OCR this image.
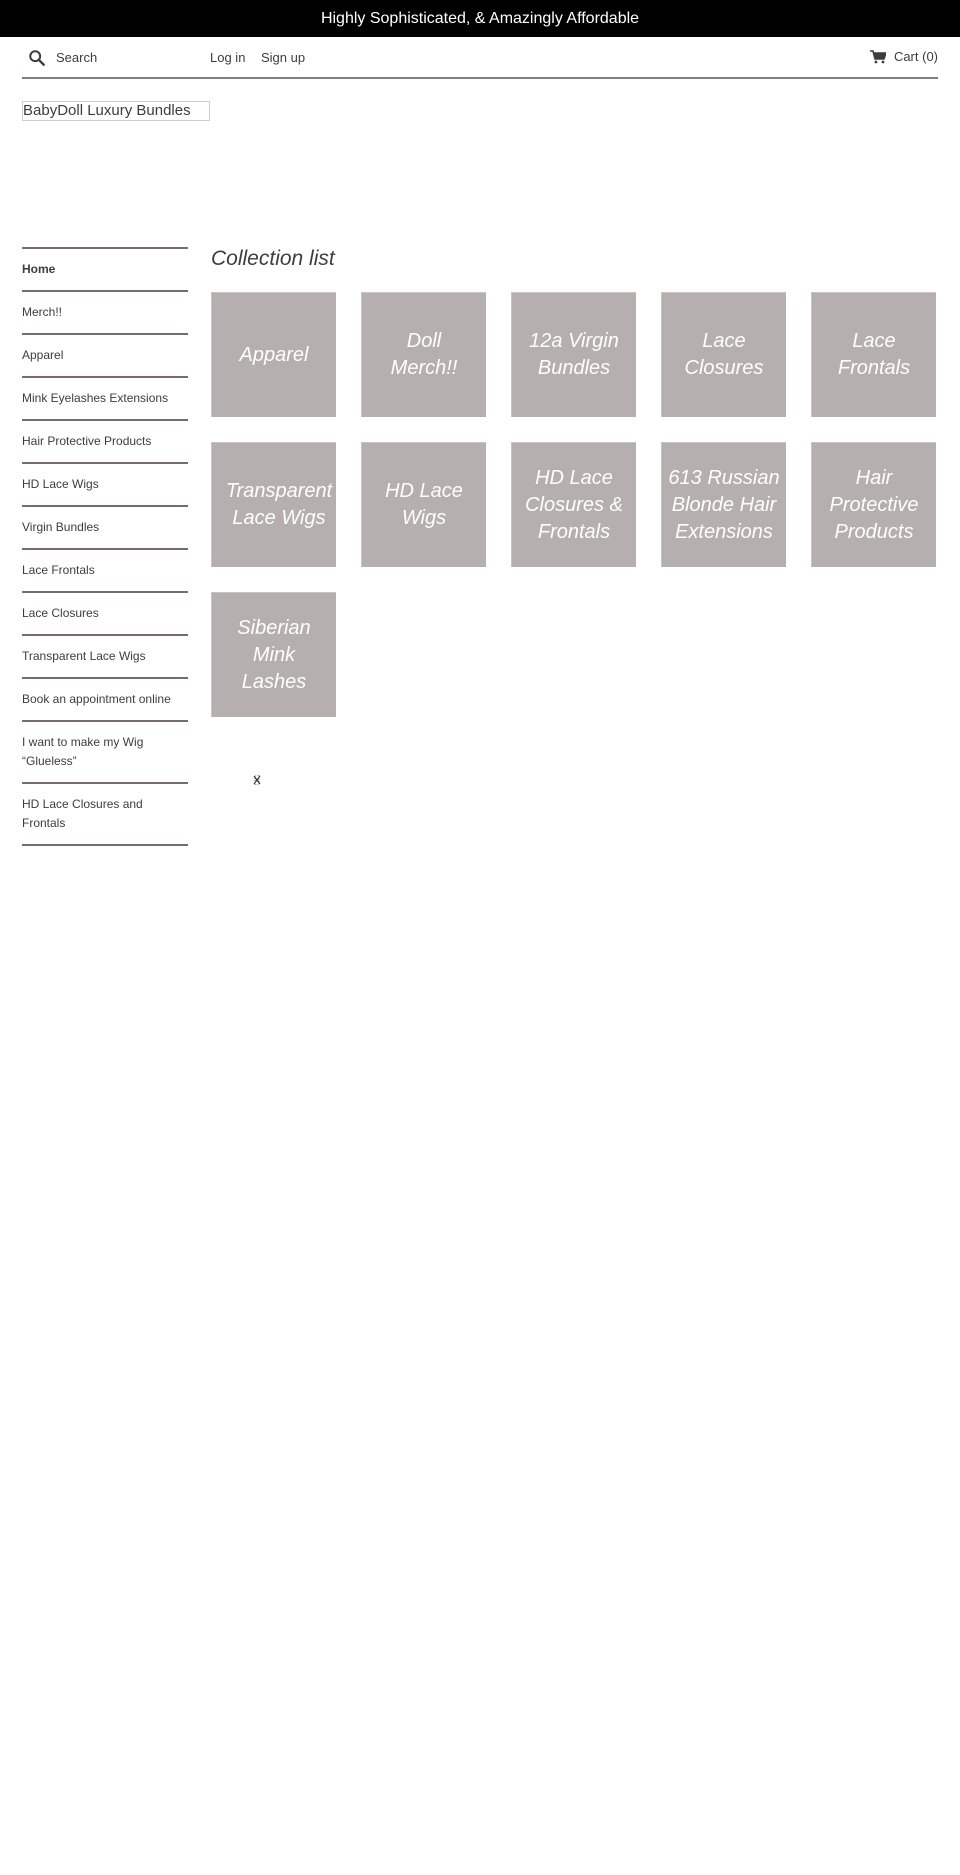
Highly Sophisticated, & Amazingly Affordable
Search
Log in Sign up	Cart (0)
BabyDoll Luxury Bundles
Home
Merch!!
Apparel
Mink Eyelashes Extensions
Hair Protective Products
HD Lace Wigs
Virgin Bundles
Lace Frontals
Lace Closures
Transparent Lace Wigs
Book an appointment online
I want to make my Wig “Glueless”
HD Lace Closures and Frontals
Collection list
Apparel
Doll Merch!!
12a Virgin Bundles
Lace Closures
Lace Frontals
Transparent Lace Wigs
HD Lace Wigs
HD Lace Closures & Frontals
613 Russian Blonde Hair Extensions
Hair Protective Products
Siberian Mink Lashes
